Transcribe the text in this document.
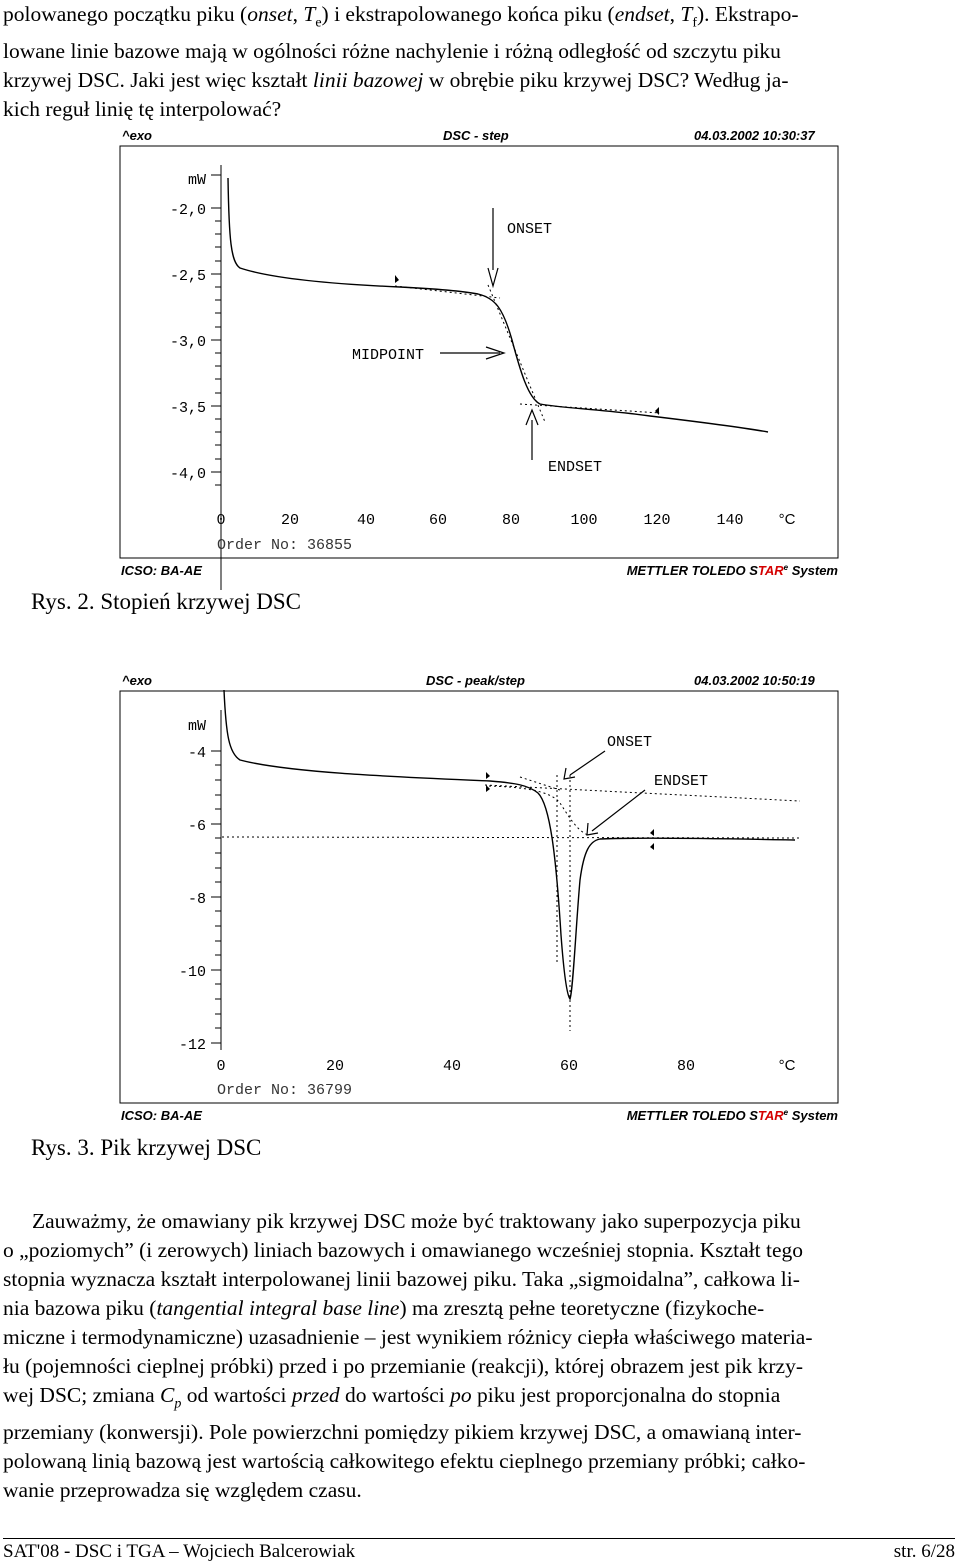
polowanego początku piku (onset, $T_e$) i ekstrapolowanego końca piku (endset, $T_f$). Ekstrapo-
lowane linie bazowe mają w ogólności różne nachylenie i różną odległość od szczytu piku
krzywej DSC. Jaki jest więc kształt linii bazowej w obrębie piku krzywej DSC? Według ja-
kich reguł linię tę interpolować?
^exo	DSC - step	04.03.2002 10:30:37
mW
-2,0
-2,5
-3,0
-3,5
-4,0
ONSET
MIDPOINT
ENDSET
0	20	40	60	80	100	120	140 °C
Order No: 36855
ICSO: BA-AE	METTLER TOLEDO STAR$^e$ System
Rys. 2. Stopień krzywej DSC
^exo	DSC - peak/step	04.03.2002 10:50:19
mW
-4
-6
-8
-10
-12
ONSET
ENDSET
0	20	40	60	80	°C
Order No: 36799
ICSO: BA-AE	METTLER TOLEDO STAR$^e$ System
Rys. 3. Pik krzywej DSC
Zauważmy, że omawiany pik krzywej DSC może być traktowany jako superpozycja piku
o „poziomych” (i zerowych) liniach bazowych i omawianego wcześniej stopnia. Kształt tego
stopnia wyznacza kształt interpolowanej linii bazowej piku. Taka „sigmoidalna”, całkowa li-
nia bazowa piku (tangential integral base line) ma zresztą pełne teoretyczne (fizykoche-
miczne i termodynamiczne) uzasadnienie – jest wynikiem różnicy ciepła właściwego materia-
łu (pojemności cieplnej próbki) przed i po przemianie (reakcji), której obrazem jest pik krzy-
wej DSC; zmiana $C_p$ od wartości przed do wartości po piku jest proporcjonalna do stopnia
przemiany (konwersji). Pole powierzchni pomiędzy pikiem krzywej DSC, a omawianą inter-
polowaną linią bazową jest wartością całkowitego efektu cieplnego przemiany próbki; całko-
wanie przeprowadza się względem czasu.
SAT'08 - DSC i TGA – Wojciech Balcerowiak	str. 6/28
